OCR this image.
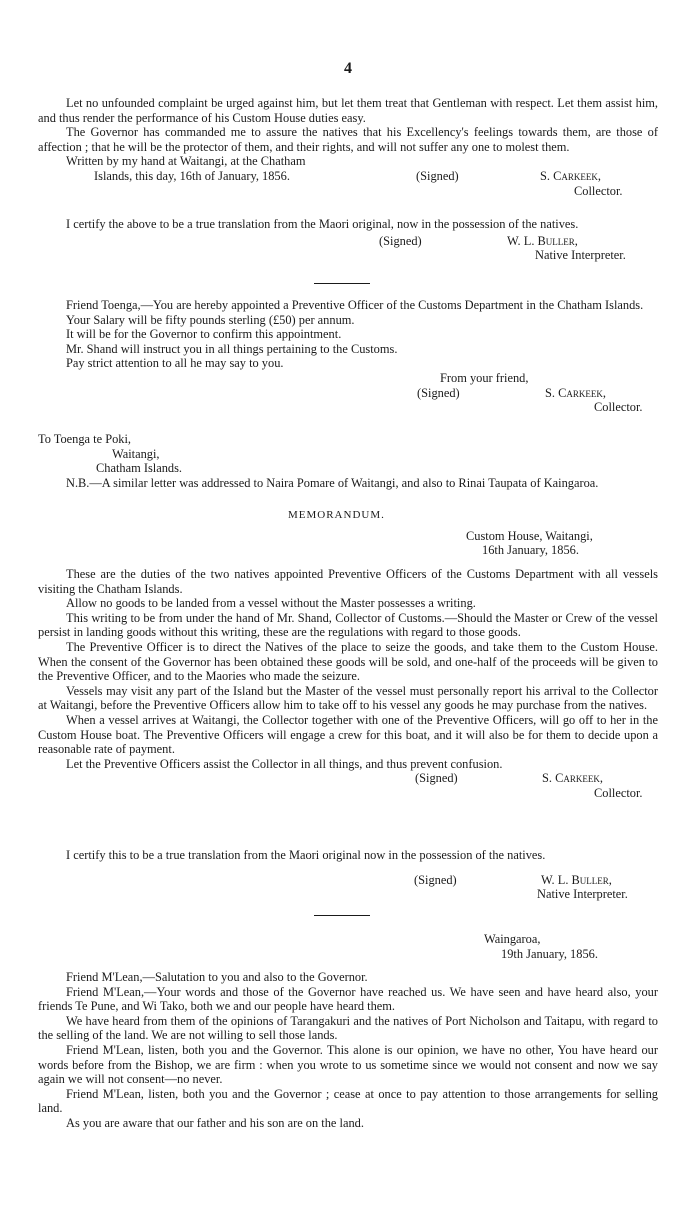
4

Let no unfounded complaint be urged against him, but let them treat that Gentleman with respect. Let them assist him, and thus render the performance of his Custom House duties easy.

The Governor has commanded me to assure the natives that his Excellency's feelings towards them, are those of affection ; that he will be the protector of them, and their rights, and will not suffer any one to molest them.

Written by my hand at Waitangi, at the Chatham
Islands, this day, 16th of January, 1856.	(Signed)	S. Carkeek,
Collector.

I certify the above to be a true translation from the Maori original, now in the possession of the natives.

(Signed)	W. L. Buller,
Native Interpreter.

Friend Toenga,—You are hereby appointed a Preventive Officer of the Customs Department in the Chatham Islands.

Your Salary will be fifty pounds sterling (£50) per annum.
It will be for the Governor to confirm this appointment.
Mr. Shand will instruct you in all things pertaining to the Customs.
Pay strict attention to all he may say to you.
From your friend,
(Signed)	S. Carkeek,
Collector.
To Toenga te Poki,
Waitangi,
Chatham Islands.

N.B.—A similar letter was addressed to Naira Pomare of Waitangi, and also to Rinai Taupata of Kaingaroa.

MEMORANDUM.
Custom House, Waitangi,
16th January, 1856.

These are the duties of the two natives appointed Preventive Officers of the Customs Department with all vessels visiting the Chatham Islands.

Allow no goods to be landed from a vessel without the Master possesses a writing.

This writing to be from under the hand of Mr. Shand, Collector of Customs.—Should the Master or Crew of the vessel persist in landing goods without this writing, these are the regulations with regard to those goods.

The Preventive Officer is to direct the Natives of the place to seize the goods, and take them to the Custom House. When the consent of the Governor has been obtained these goods will be sold, and one-half of the proceeds will be given to the Preventive Officer, and to the Maories who made the seizure.

Vessels may visit any part of the Island but the Master of the vessel must personally report his arrival to the Collector at Waitangi, before the Preventive Officers allow him to take off to his vessel any goods he may purchase from the natives.

When a vessel arrives at Waitangi, the Collector together with one of the Preventive Officers, will go off to her in the Custom House boat. The Preventive Officers will engage a crew for this boat, and it will also be for them to decide upon a reasonable rate of payment.

Let the Preventive Officers assist the Collector in all things, and thus prevent confusion.

(Signed)	S. Carkeek,
Collector.

I certify this to be a true translation from the Maori original now in the possession of the natives.

(Signed)	W. L. Buller,
Native Interpreter.
Waingaroa,
19th January, 1856.

Friend M'Lean,—Salutation to you and also to the Governor.

Friend M'Lean,—Your words and those of the Governor have reached us. We have seen and have heard also, your friends Te Pune, and Wi Tako, both we and our people have heard them.

We have heard from them of the opinions of Tarangakuri and the natives of Port Nicholson and Taitapu, with regard to the selling of the land. We are not willing to sell those lands.

Friend M'Lean, listen, both you and the Governor. This alone is our opinion, we have no other, You have heard our words before from the Bishop, we are firm : when you wrote to us sometime since we would not consent and now we say again we will not consent—no never.

Friend M'Lean, listen, both you and the Governor ; cease at once to pay attention to those arrangements for selling land.

As you are aware that our father and his son are on the land.
